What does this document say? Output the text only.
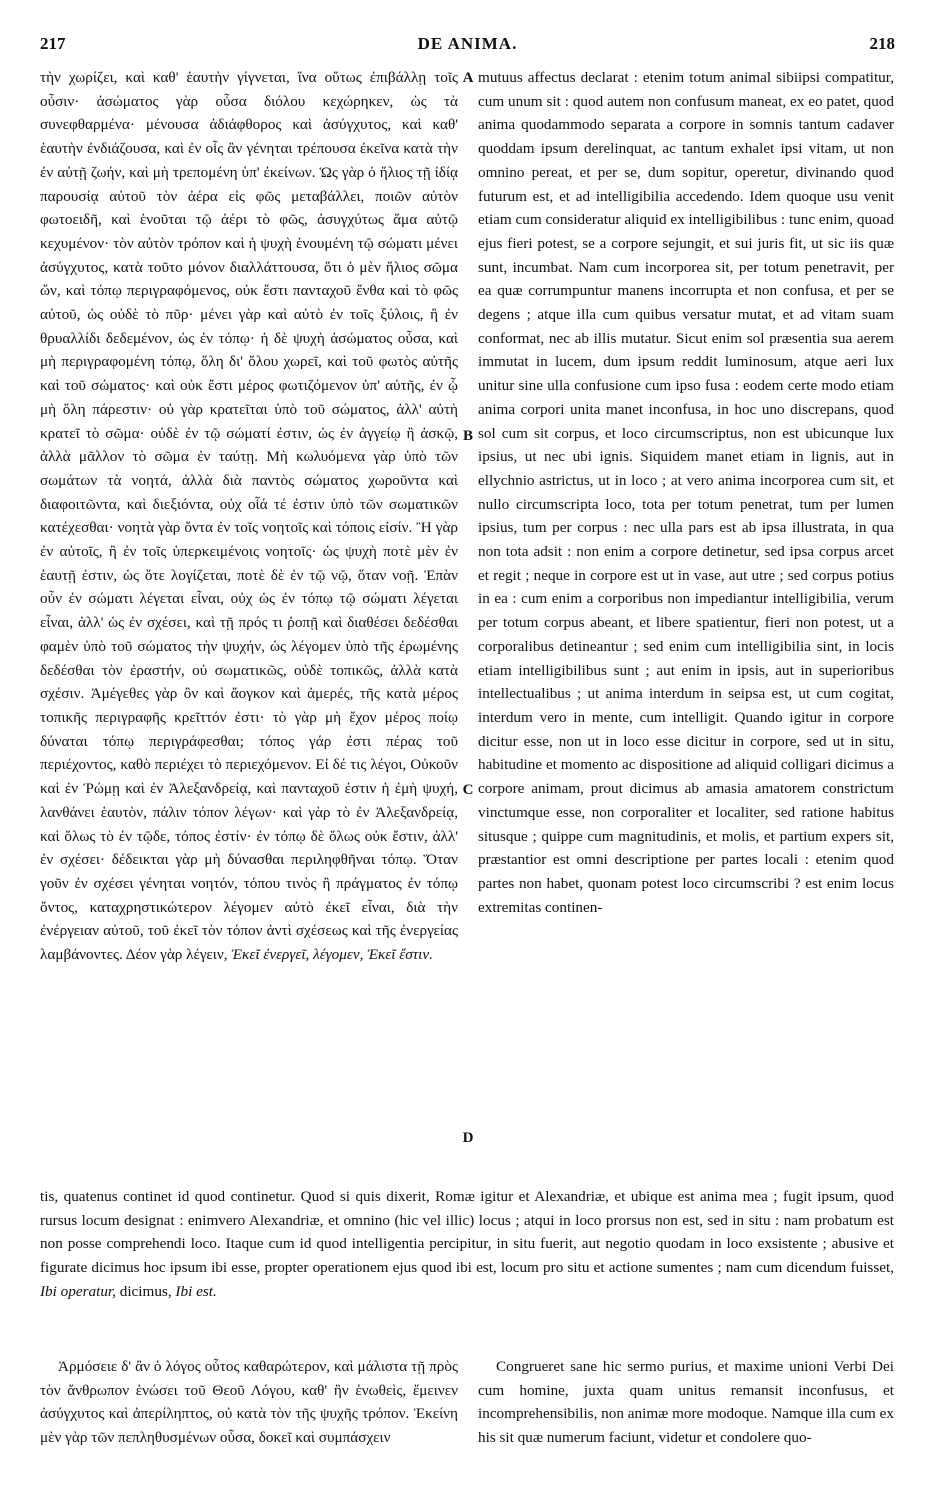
DE ANIMA.
217	218

τὴν χωρίζει, καὶ καθ' ἑαυτὴν γίγνεται, ἵνα οὕτως ἐπιβάλλῃ τοῖς οὖσιν· ἀσώματος γὰρ οὖσα διόλου κεχώρηκεν, ὡς τὰ συνεφθαρμένα· μένουσα ἀδιάφθορος καὶ ἀσύγχυτος, καὶ καθ' ἑαυτὴν ἐνδιάζουσα, καὶ ἐν οἷς ἂν γένηται τρέπουσα ἐκεῖνα κατὰ τὴν ἐν αὐτῇ ζωήν, καὶ μὴ τρεπομένη ὑπ' ἐκείνων. Ὡς γὰρ ὁ ἥλιος τῇ ἰδίᾳ παρουσίᾳ αὐτοῦ τὸν ἀέρα εἰς φῶς μεταβάλλει, ποιῶν αὐτὸν φωτοειδῆ, καὶ ἑνοῦται τῷ ἀέρι τὸ φῶς, ἀσυγχύτως ἅμα αὐτῷ κεχυμένον· τὸν αὐτὸν τρόπον καὶ ἡ ψυχὴ ἑνουμένη τῷ σώματι μένει ἀσύγχυτος, κατὰ τοῦτο μόνον διαλλάττουσα, ὅτι ὁ μὲν ἥλιος σῶμα ὤν, καὶ τόπῳ περιγραφόμενος, οὐκ ἔστι πανταχοῦ ἔνθα καὶ τὸ φῶς αὐτοῦ, ὡς οὐδὲ τὸ πῦρ· μένει γὰρ καὶ αὐτὸ ἐν τοῖς ξύλοις, ἢ ἐν θρυαλλίδι δεδεμένον, ὡς ἐν τόπῳ· ἡ δὲ ψυχὴ ἀσώματος οὖσα, καὶ μὴ περιγραφομένη τόπῳ, ὅλη δι' ὅλου χωρεῖ, καὶ τοῦ φωτὸς αὐτῆς καὶ τοῦ σώματος· καὶ οὐκ ἔστι μέρος φωτιζόμενον ὑπ' αὐτῆς, ἐν ᾧ μὴ ὅλη πάρεστιν· οὐ γὰρ κρατεῖται ὑπὸ τοῦ σώματος, ἀλλ' αὐτὴ κρατεῖ τὸ σῶμα· οὐδὲ ἐν τῷ σώματί ἐστιν, ὡς ἐν ἀγγείῳ ἢ ἀσκῷ, ἀλλὰ μᾶλλον τὸ σῶμα ἐν ταύτῃ. Μὴ κωλυόμενα γὰρ ὑπὸ τῶν σωμάτων τὰ νοητά, ἀλλὰ διὰ παντὸς σώματος χωροῦντα καὶ διαφοιτῶντα, καὶ διεξιόντα, οὐχ οἷά τέ ἐστιν ὑπὸ τῶν σωματικῶν κατέχεσθαι· νοητὰ γὰρ ὄντα ἐν τοῖς νοητοῖς καὶ τόποις εἰσίν. Ἢ γὰρ ἐν αὐτοῖς, ἢ ἐν τοῖς ὑπερκειμένοις νοητοῖς· ὡς ψυχὴ ποτὲ μὲν ἐν ἑαυτῇ ἐστιν, ὡς ὅτε λογίζεται, ποτὲ δὲ ἐν τῷ νῷ, ὅταν νοῇ. Ἐπὰν οὖν ἐν σώματι λέγεται εἶναι, οὐχ ὡς ἐν τόπῳ τῷ σώματι λέγεται εἶναι, ἀλλ' ὡς ἐν σχέσει, καὶ τῇ πρός τι ῥοπῇ καὶ διαθέσει δεδέσθαι φαμὲν ὑπὸ τοῦ σώματος τὴν ψυχήν, ὡς λέγομεν ὑπὸ τῆς ἐρωμένης δεδέσθαι τὸν ἐραστήν, οὐ σωματικῶς, οὐδὲ τοπικῶς, ἀλλὰ κατὰ σχέσιν. Ἀμέγεθες γὰρ ὂν καὶ ἄογκον καὶ ἀμερές, τῆς κατὰ μέρος τοπικῆς περιγραφῆς κρεῖττόν ἐστι· τὸ γὰρ μὴ ἔχον μέρος ποίῳ δύναται τόπῳ περιγράφεσθαι; τόπος γάρ ἐστι πέρας τοῦ περιέχοντος, καθὸ περιέχει τὸ περιεχόμενον. Εἰ δέ τις λέγοι, Οὐκοῦν καὶ ἐν Ῥώμῃ καὶ ἐν Ἀλεξανδρείᾳ, καὶ πανταχοῦ ἐστιν ἡ ἐμὴ ψυχή, λανθάνει ἑαυτὸν, πάλιν τόπον λέγων· καὶ γὰρ τὸ ἐν Ἀλεξανδρείᾳ, καὶ ὅλως τὸ ἐν τῷδε, τόπος ἐστίν· ἐν τόπῳ δὲ ὅλως οὐκ ἔστιν, ἀλλ' ἐν σχέσει· δέδεικται γὰρ μὴ δύνασθαι περιληφθῆναι τόπῳ. Ὅταν γοῦν ἐν σχέσει γένηται νοητόν, τόπου τινὸς ἢ πράγματος ἐν τόπῳ ὄντος, καταχρηστικώτερον λέγομεν αὐτὸ ἐκεῖ εἶναι, διὰ τὴν ἐνέργειαν αὐτοῦ, τοῦ ἐκεῖ τὸν τόπον ἀντὶ σχέσεως καὶ τῆς ἐνεργείας λαμβάνοντες. Δέον γὰρ λέγειν, Ἐκεῖ ἐνεργεῖ, λέγομεν, Ἐκεῖ ἔστιν.

mutuus affectus declarat : etenim totum animal sibiipsi compatitur, cum unum sit : quod autem non confusum maneat, ex eo patet, quod anima quodammodo separata a corpore in somnis tantum cadaver quoddam ipsum derelinquat, ac tantum exhalet ipsi vitam, ut non omnino pereat, et per se, dum sopitur, operetur, divinando quod futurum est, et ad intelligibilia accedendo. Idem quoque usu venit etiam cum consideratur aliquid ex intelligibilibus : tunc enim, quoad ejus fieri potest, se a corpore sejungit, et sui juris fit, ut sic iis quæ sunt, incumbat. Nam cum incorporea sit, per totum penetravit, per ea quæ corrumpuntur manens incorrupta et non confusa, et per se degens ; atque illa cum quibus versatur mutat, et ad vitam suam conformat, nec ab illis mutatur. Sicut enim sol præsentia sua aerem immutat in lucem, dum ipsum reddit luminosum, atque aeri lux unitur sine ulla confusione cum ipso fusa : eodem certe modo etiam anima corpori unita manet inconfusa, in hoc uno discrepans, quod sol cum sit corpus, et loco circumscriptus, non est ubicunque lux ipsius, ut nec ubi ignis. Siquidem manet etiam in lignis, aut in ellychnio astrictus, ut in loco ; at vero anima incorporea cum sit, et nullo circumscripta loco, tota per totum penetrat, tum per lumen ipsius, tum per corpus : nec ulla pars est ab ipsa illustrata, in qua non tota adsit : non enim a corpore detinetur, sed ipsa corpus arcet et regit ; neque in corpore est ut in vase, aut utre ; sed corpus potius in ea : cum enim a corporibus non impediantur intelligibilia, verum per totum corpus abeant, et libere spatientur, fieri non potest, ut a corporalibus detineantur ; sed enim cum intelligibilia sint, in locis etiam intelligibilibus sunt ; aut enim in ipsis, aut in superioribus intellectualibus ; ut anima interdum in seipsa est, ut cum cogitat, interdum vero in mente, cum intelligit. Quando igitur in corpore dicitur esse, non ut in loco esse dicitur in corpore, sed ut in situ, habitudine et momento ac dispositione ad aliquid colligari dicimus a corpore animam, prout dicimus ab amasia amatorem constrictum vinctumque esse, non corporaliter et localiter, sed ratione habitus situsque ; quippe cum magnitudinis, et molis, et partium expers sit, præstantior est omni descriptione per partes locali : etenim quod partes non habet, quonam potest loco circumscribi ? est enim locus extremitas continen-

A
B
C
D

tis, quatenus continet id quod continetur. Quod si quis dixerit, Romæ igitur et Alexandriæ, et ubique est anima mea ; fugit ipsum, quod rursus locum designat : enimvero Alexandriæ, et omnino (hic vel illic) locus ; atqui in loco prorsus non est, sed in situ : nam probatum est non posse comprehendi loco. Itaque cum id quod intelligentia percipitur, in situ fuerit, aut negotio quodam in loco exsistente ; abusive et figurate dicimus hoc ipsum ibi esse, propter operationem ejus quod ibi est, locum pro situ et actione sumentes ; nam cum dicendum fuisset, Ibi operatur, dicimus, Ibi est.

Ἁρμόσειε δ' ἂν ὁ λόγος οὗτος καθαρώτερον, καὶ μάλιστα τῇ πρὸς τὸν ἄνθρωπον ἑνώσει τοῦ Θεοῦ Λόγου, καθ' ἣν ἑνωθεὶς, ἔμεινεν ἀσύγχυτος καὶ ἀπερίληπτος, οὐ κατὰ τὸν τῆς ψυχῆς τρόπον. Ἐκείνη μὲν γὰρ τῶν πεπληθυσμένων οὖσα, δοκεῖ καὶ συμπάσχειν

Congrueret sane hic sermo purius, et maxime unioni Verbi Dei cum homine, juxta quam unitus remansit inconfusus, et incomprehensibilis, non animæ more modoque. Namque illa cum ex his sit quæ numerum faciunt, videtur et condolere quo-
